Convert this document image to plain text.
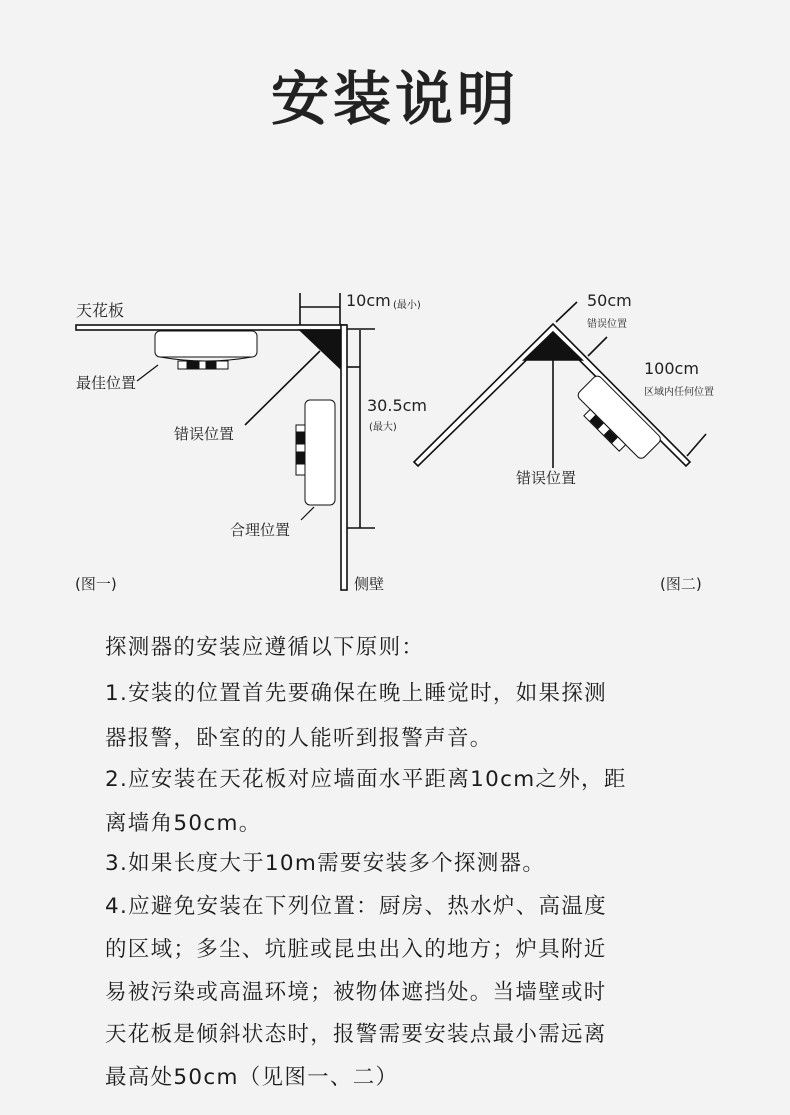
安装说明
天花板
10cm (最小)
最佳位置
错误位置
30.5cm
(最大)
合理位置
(图一)	侧壁
50cm
错误位置
100cm
区域内任何位置
错误位置
(图二)
探测器的安装应遵循以下原则：
1.安装的位置首先要确保在晚上睡觉时，如果探测
器报警，卧室的的人能听到报警声音。
2.应安装在天花板对应墙面水平距离10cm之外，距
离墙角50cm。
3.如果长度大于10m需要安装多个探测器。
4.应避免安装在下列位置：厨房、热水炉、高温度
的区域；多尘、坑脏或昆虫出入的地方；炉具附近
易被污染或高温环境；被物体遮挡处。当墙壁或时
天花板是倾斜状态时，报警需要安装点最小需远离
最高处50cm（见图一、二）
